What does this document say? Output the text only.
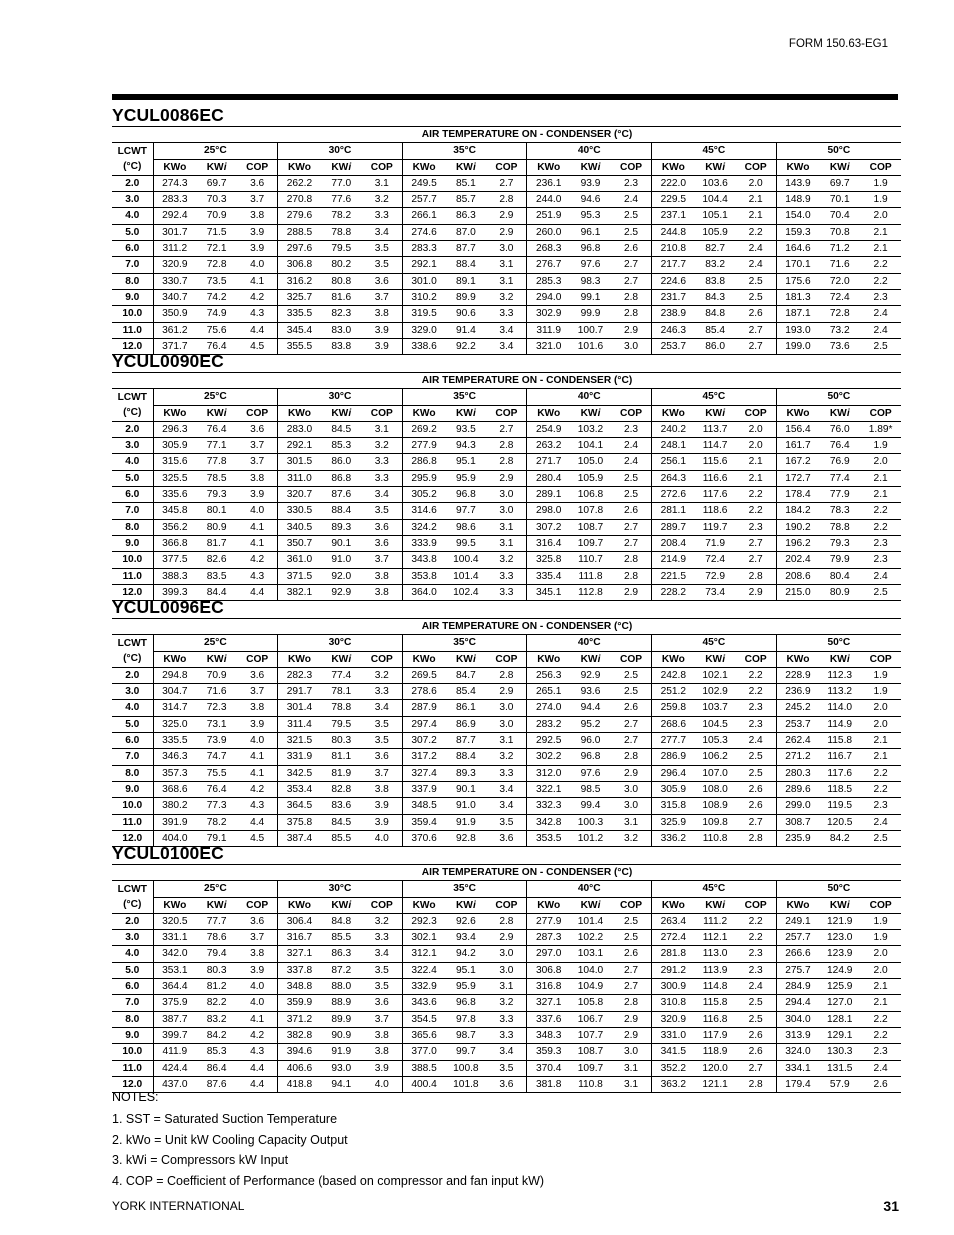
FORM 150.63-EG1
YCUL0086EC
	AIR TEMPERATURE ON - CONDENSER (°C)																	
LCWT	25°C			30°C			35°C			40°C			45°C			50°C		
(°C)	KWo	KWi	COP	KWo	KWi	COP	KWo	KWi	COP	KWo	KWi	COP	KWo	KWi	COP	KWo	KWi	COP
2.0	274.3	69.7	3.6	262.2	77.0	3.1	249.5	85.1	2.7	236.1	93.9	2.3	222.0	103.6	2.0	143.9	69.7	1.9
3.0	283.3	70.3	3.7	270.8	77.6	3.2	257.7	85.7	2.8	244.0	94.6	2.4	229.5	104.4	2.1	148.9	70.1	1.9
4.0	292.4	70.9	3.8	279.6	78.2	3.3	266.1	86.3	2.9	251.9	95.3	2.5	237.1	105.1	2.1	154.0	70.4	2.0
5.0	301.7	71.5	3.9	288.5	78.8	3.4	274.6	87.0	2.9	260.0	96.1	2.5	244.8	105.9	2.2	159.3	70.8	2.1
6.0	311.2	72.1	3.9	297.6	79.5	3.5	283.3	87.7	3.0	268.3	96.8	2.6	210.8	82.7	2.4	164.6	71.2	2.1
7.0	320.9	72.8	4.0	306.8	80.2	3.5	292.1	88.4	3.1	276.7	97.6	2.7	217.7	83.2	2.4	170.1	71.6	2.2
8.0	330.7	73.5	4.1	316.2	80.8	3.6	301.0	89.1	3.1	285.3	98.3	2.7	224.6	83.8	2.5	175.6	72.0	2.2
9.0	340.7	74.2	4.2	325.7	81.6	3.7	310.2	89.9	3.2	294.0	99.1	2.8	231.7	84.3	2.5	181.3	72.4	2.3
10.0	350.9	74.9	4.3	335.5	82.3	3.8	319.5	90.6	3.3	302.9	99.9	2.8	238.9	84.8	2.6	187.1	72.8	2.4
11.0	361.2	75.6	4.4	345.4	83.0	3.9	329.0	91.4	3.4	311.9	100.7	2.9	246.3	85.4	2.7	193.0	73.2	2.4
12.0	371.7	76.4	4.5	355.5	83.8	3.9	338.6	92.2	3.4	321.0	101.6	3.0	253.7	86.0	2.7	199.0	73.6	2.5
YCUL0090EC
	AIR TEMPERATURE ON - CONDENSER (°C)																	
LCWT	25°C			30°C			35°C			40°C			45°C			50°C		
(°C)	KWo	KWi	COP	KWo	KWi	COP	KWo	KWi	COP	KWo	KWi	COP	KWo	KWi	COP	KWo	KWi	COP
2.0	296.3	76.4	3.6	283.0	84.5	3.1	269.2	93.5	2.7	254.9	103.2	2.3	240.2	113.7	2.0	156.4	76.0	1.89*
3.0	305.9	77.1	3.7	292.1	85.3	3.2	277.9	94.3	2.8	263.2	104.1	2.4	248.1	114.7	2.0	161.7	76.4	1.9
4.0	315.6	77.8	3.7	301.5	86.0	3.3	286.8	95.1	2.8	271.7	105.0	2.4	256.1	115.6	2.1	167.2	76.9	2.0
5.0	325.5	78.5	3.8	311.0	86.8	3.3	295.9	95.9	2.9	280.4	105.9	2.5	264.3	116.6	2.1	172.7	77.4	2.1
6.0	335.6	79.3	3.9	320.7	87.6	3.4	305.2	96.8	3.0	289.1	106.8	2.5	272.6	117.6	2.2	178.4	77.9	2.1
7.0	345.8	80.1	4.0	330.5	88.4	3.5	314.6	97.7	3.0	298.0	107.8	2.6	281.1	118.6	2.2	184.2	78.3	2.2
8.0	356.2	80.9	4.1	340.5	89.3	3.6	324.2	98.6	3.1	307.2	108.7	2.7	289.7	119.7	2.3	190.2	78.8	2.2
9.0	366.8	81.7	4.1	350.7	90.1	3.6	333.9	99.5	3.1	316.4	109.7	2.7	208.4	71.9	2.7	196.2	79.3	2.3
10.0	377.5	82.6	4.2	361.0	91.0	3.7	343.8	100.4	3.2	325.8	110.7	2.8	214.9	72.4	2.7	202.4	79.9	2.3
11.0	388.3	83.5	4.3	371.5	92.0	3.8	353.8	101.4	3.3	335.4	111.8	2.8	221.5	72.9	2.8	208.6	80.4	2.4
12.0	399.3	84.4	4.4	382.1	92.9	3.8	364.0	102.4	3.3	345.1	112.8	2.9	228.2	73.4	2.9	215.0	80.9	2.5
YCUL0096EC
	AIR TEMPERATURE ON - CONDENSER (°C)																	
LCWT	25°C			30°C			35°C			40°C			45°C			50°C		
(°C)	KWo	KWi	COP	KWo	KWi	COP	KWo	KWi	COP	KWo	KWi	COP	KWo	KWi	COP	KWo	KWi	COP
2.0	294.8	70.9	3.6	282.3	77.4	3.2	269.5	84.7	2.8	256.3	92.9	2.5	242.8	102.1	2.2	228.9	112.3	1.9
3.0	304.7	71.6	3.7	291.7	78.1	3.3	278.6	85.4	2.9	265.1	93.6	2.5	251.2	102.9	2.2	236.9	113.2	1.9
4.0	314.7	72.3	3.8	301.4	78.8	3.4	287.9	86.1	3.0	274.0	94.4	2.6	259.8	103.7	2.3	245.2	114.0	2.0
5.0	325.0	73.1	3.9	311.4	79.5	3.5	297.4	86.9	3.0	283.2	95.2	2.7	268.6	104.5	2.3	253.7	114.9	2.0
6.0	335.5	73.9	4.0	321.5	80.3	3.5	307.2	87.7	3.1	292.5	96.0	2.7	277.7	105.3	2.4	262.4	115.8	2.1
7.0	346.3	74.7	4.1	331.9	81.1	3.6	317.2	88.4	3.2	302.2	96.8	2.8	286.9	106.2	2.5	271.2	116.7	2.1
8.0	357.3	75.5	4.1	342.5	81.9	3.7	327.4	89.3	3.3	312.0	97.6	2.9	296.4	107.0	2.5	280.3	117.6	2.2
9.0	368.6	76.4	4.2	353.4	82.8	3.8	337.9	90.1	3.4	322.1	98.5	3.0	305.9	108.0	2.6	289.6	118.5	2.2
10.0	380.2	77.3	4.3	364.5	83.6	3.9	348.5	91.0	3.4	332.3	99.4	3.0	315.8	108.9	2.6	299.0	119.5	2.3
11.0	391.9	78.2	4.4	375.8	84.5	3.9	359.4	91.9	3.5	342.8	100.3	3.1	325.9	109.8	2.7	308.7	120.5	2.4
12.0	404.0	79.1	4.5	387.4	85.5	4.0	370.6	92.8	3.6	353.5	101.2	3.2	336.2	110.8	2.8	235.9	84.2	2.5
YCUL0100EC
	AIR TEMPERATURE ON - CONDENSER (°C)																	
LCWT	25°C			30°C			35°C			40°C			45°C			50°C		
(°C)	KWo	KWi	COP	KWo	KWi	COP	KWo	KWi	COP	KWo	KWi	COP	KWo	KWi	COP	KWo	KWi	COP
2.0	320.5	77.7	3.6	306.4	84.8	3.2	292.3	92.6	2.8	277.9	101.4	2.5	263.4	111.2	2.2	249.1	121.9	1.9
3.0	331.1	78.6	3.7	316.7	85.5	3.3	302.1	93.4	2.9	287.3	102.2	2.5	272.4	112.1	2.2	257.7	123.0	1.9
4.0	342.0	79.4	3.8	327.1	86.3	3.4	312.1	94.2	3.0	297.0	103.1	2.6	281.8	113.0	2.3	266.6	123.9	2.0
5.0	353.1	80.3	3.9	337.8	87.2	3.5	322.4	95.1	3.0	306.8	104.0	2.7	291.2	113.9	2.3	275.7	124.9	2.0
6.0	364.4	81.2	4.0	348.8	88.0	3.5	332.9	95.9	3.1	316.8	104.9	2.7	300.9	114.8	2.4	284.9	125.9	2.1
7.0	375.9	82.2	4.0	359.9	88.9	3.6	343.6	96.8	3.2	327.1	105.8	2.8	310.8	115.8	2.5	294.4	127.0	2.1
8.0	387.7	83.2	4.1	371.2	89.9	3.7	354.5	97.8	3.3	337.6	106.7	2.9	320.9	116.8	2.5	304.0	128.1	2.2
9.0	399.7	84.2	4.2	382.8	90.9	3.8	365.6	98.7	3.3	348.3	107.7	2.9	331.0	117.9	2.6	313.9	129.1	2.2
10.0	411.9	85.3	4.3	394.6	91.9	3.8	377.0	99.7	3.4	359.3	108.7	3.0	341.5	118.9	2.6	324.0	130.3	2.3
11.0	424.4	86.4	4.4	406.6	93.0	3.9	388.5	100.8	3.5	370.4	109.7	3.1	352.2	120.0	2.7	334.1	131.5	2.4
12.0	437.0	87.6	4.4	418.8	94.1	4.0	400.4	101.8	3.6	381.8	110.8	3.1	363.2	121.1	2.8	179.4	57.9	2.6
NOTES:
1. SST = Saturated Suction Temperature
2. kWo = Unit kW Cooling Capacity Output
3. kWi = Compressors kW Input
4. COP = Coefficient of Performance (based on compressor and fan input kW)
YORK INTERNATIONAL	31
